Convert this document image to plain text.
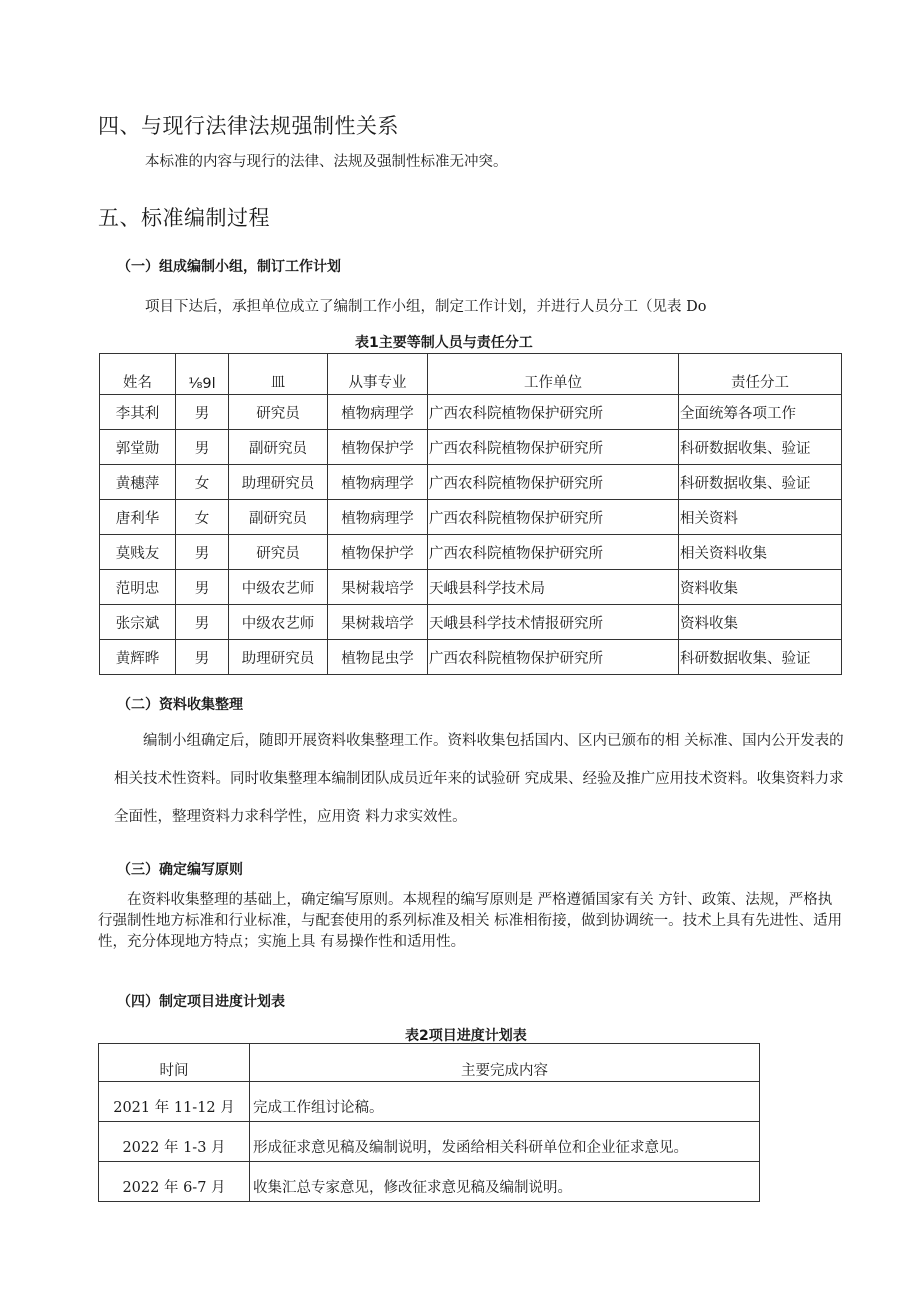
四、与现行法律法规强制性关系
本标准的内容与现行的法律、法规及强制性标准无冲突。
五、标准编制过程
（一）组成编制小组，制订工作计划
项目下达后，承担单位成立了编制工作小组，制定工作计划，并进行人员分工（见表 Do
表1主要等制人员与责任分工
姓名	⅛9l	皿	从事专业	工作单位	责任分工
李其利	男	研究员	植物病理学	广西农科院植物保护研究所	全面统筹各项工作
郭堂勋	男	副研究员	植物保护学	广西农科院植物保护研究所	科研数据收集、验证
黄穗萍	女	助理研究员	植物病理学	广西农科院植物保护研究所	科研数据收集、验证
唐利华	女	副研究员	植物病理学	广西农科院植物保护研究所	相关资料
莫贱友	男	研究员	植物保护学	广西农科院植物保护研究所	相关资料收集
范明忠	男	中级农艺师	果树栽培学	天峨县科学技术局	资料收集
张宗斌	男	中级农艺师	果树栽培学	天峨县科学技术情报研究所	资料收集
黄辉晔	男	助理研究员	植物昆虫学	广西农科院植物保护研究所	科研数据收集、验证
（二）资料收集整理
编制小组确定后，随即开展资料收集整理工作。资料收集包括国内、区内已颁布的相 关标准、国内公开发表的相关技术性资料。同时收集整理本编制团队成员近年来的试验研 究成果、经验及推广应用技术资料。收集资料力求全面性，整理资料力求科学性，应用资 料力求实效性。
（三）确定编写原则
在资料收集整理的基础上，确定编写原则。本规程的编写原则是 严格遵循国家有关 方针、政策、法规，严格执行强制性地方标准和行业标准，与配套使用的系列标准及相关 标准相衔接，做到协调统一。技术上具有先进性、适用性，充分体现地方特点；实施上具 有易操作性和适用性。
（四）制定项目进度计划表
表2项目进度计划表
时间	主要完成内容
2021 年 11-12 月	完成工作组讨论稿。
2022 年 1-3 月	形成征求意见稿及编制说明，发函给相关科研单位和企业征求意见。
2022 年 6-7 月	收集汇总专家意见，修改征求意见稿及编制说明。
